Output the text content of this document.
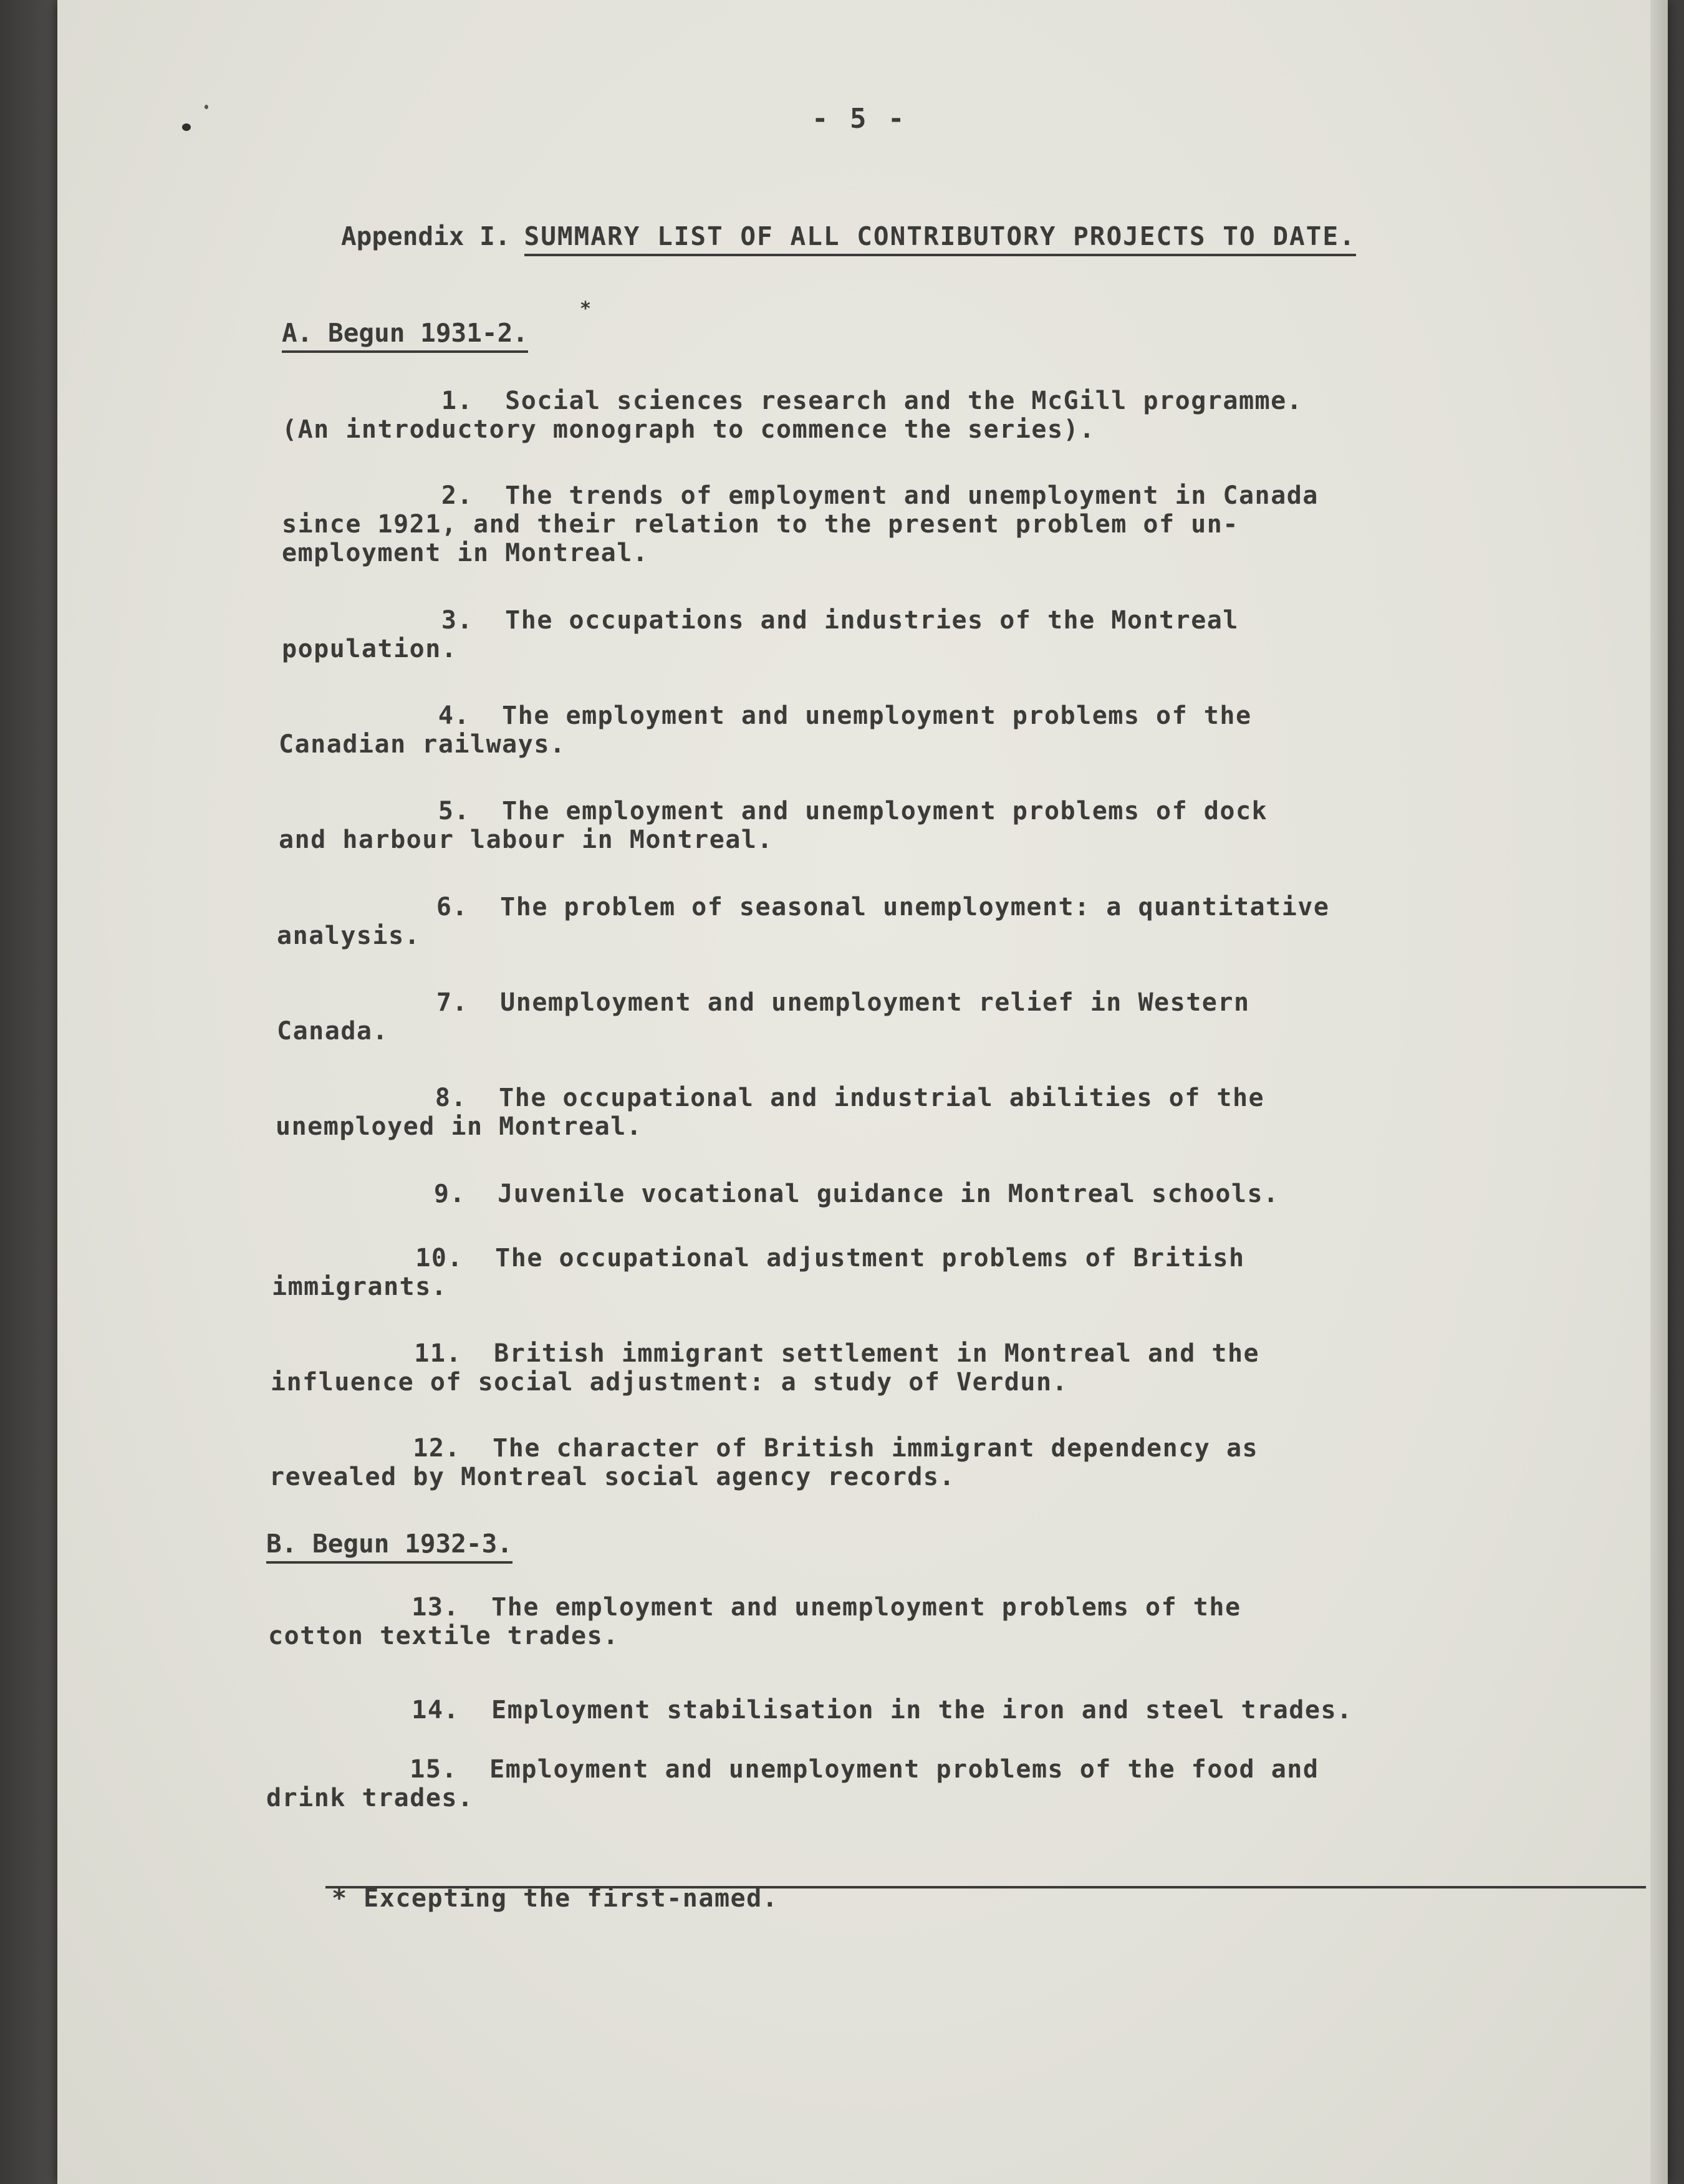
- 5 -
Appendix I. SUMMARY LIST OF ALL CONTRIBUTORY PROJECTS TO DATE.
A. Begun 1931-2.
*
1. Social sciences research and the McGill programme.
(An introductory monograph to commence the series).
2. The trends of employment and unemployment in Canada
since 1921, and their relation to the present problem of un-
employment in Montreal.
3. The occupations and industries of the Montreal
population.
4. The employment and unemployment problems of the
Canadian railways.
5. The employment and unemployment problems of dock
and harbour labour in Montreal.
6. The problem of seasonal unemployment: a quantitative
analysis.
7. Unemployment and unemployment relief in Western
Canada.
8. The occupational and industrial abilities of the
unemployed in Montreal.
9. Juvenile vocational guidance in Montreal schools.
10. The occupational adjustment problems of British
immigrants.
11. British immigrant settlement in Montreal and the
influence of social adjustment: a study of Verdun.
12. The character of British immigrant dependency as
revealed by Montreal social agency records.
B. Begun 1932-3.
13. The employment and unemployment problems of the
cotton textile trades.
14. Employment stabilisation in the iron and steel trades.
15. Employment and unemployment problems of the food and
drink trades.
* Excepting the first-named.
